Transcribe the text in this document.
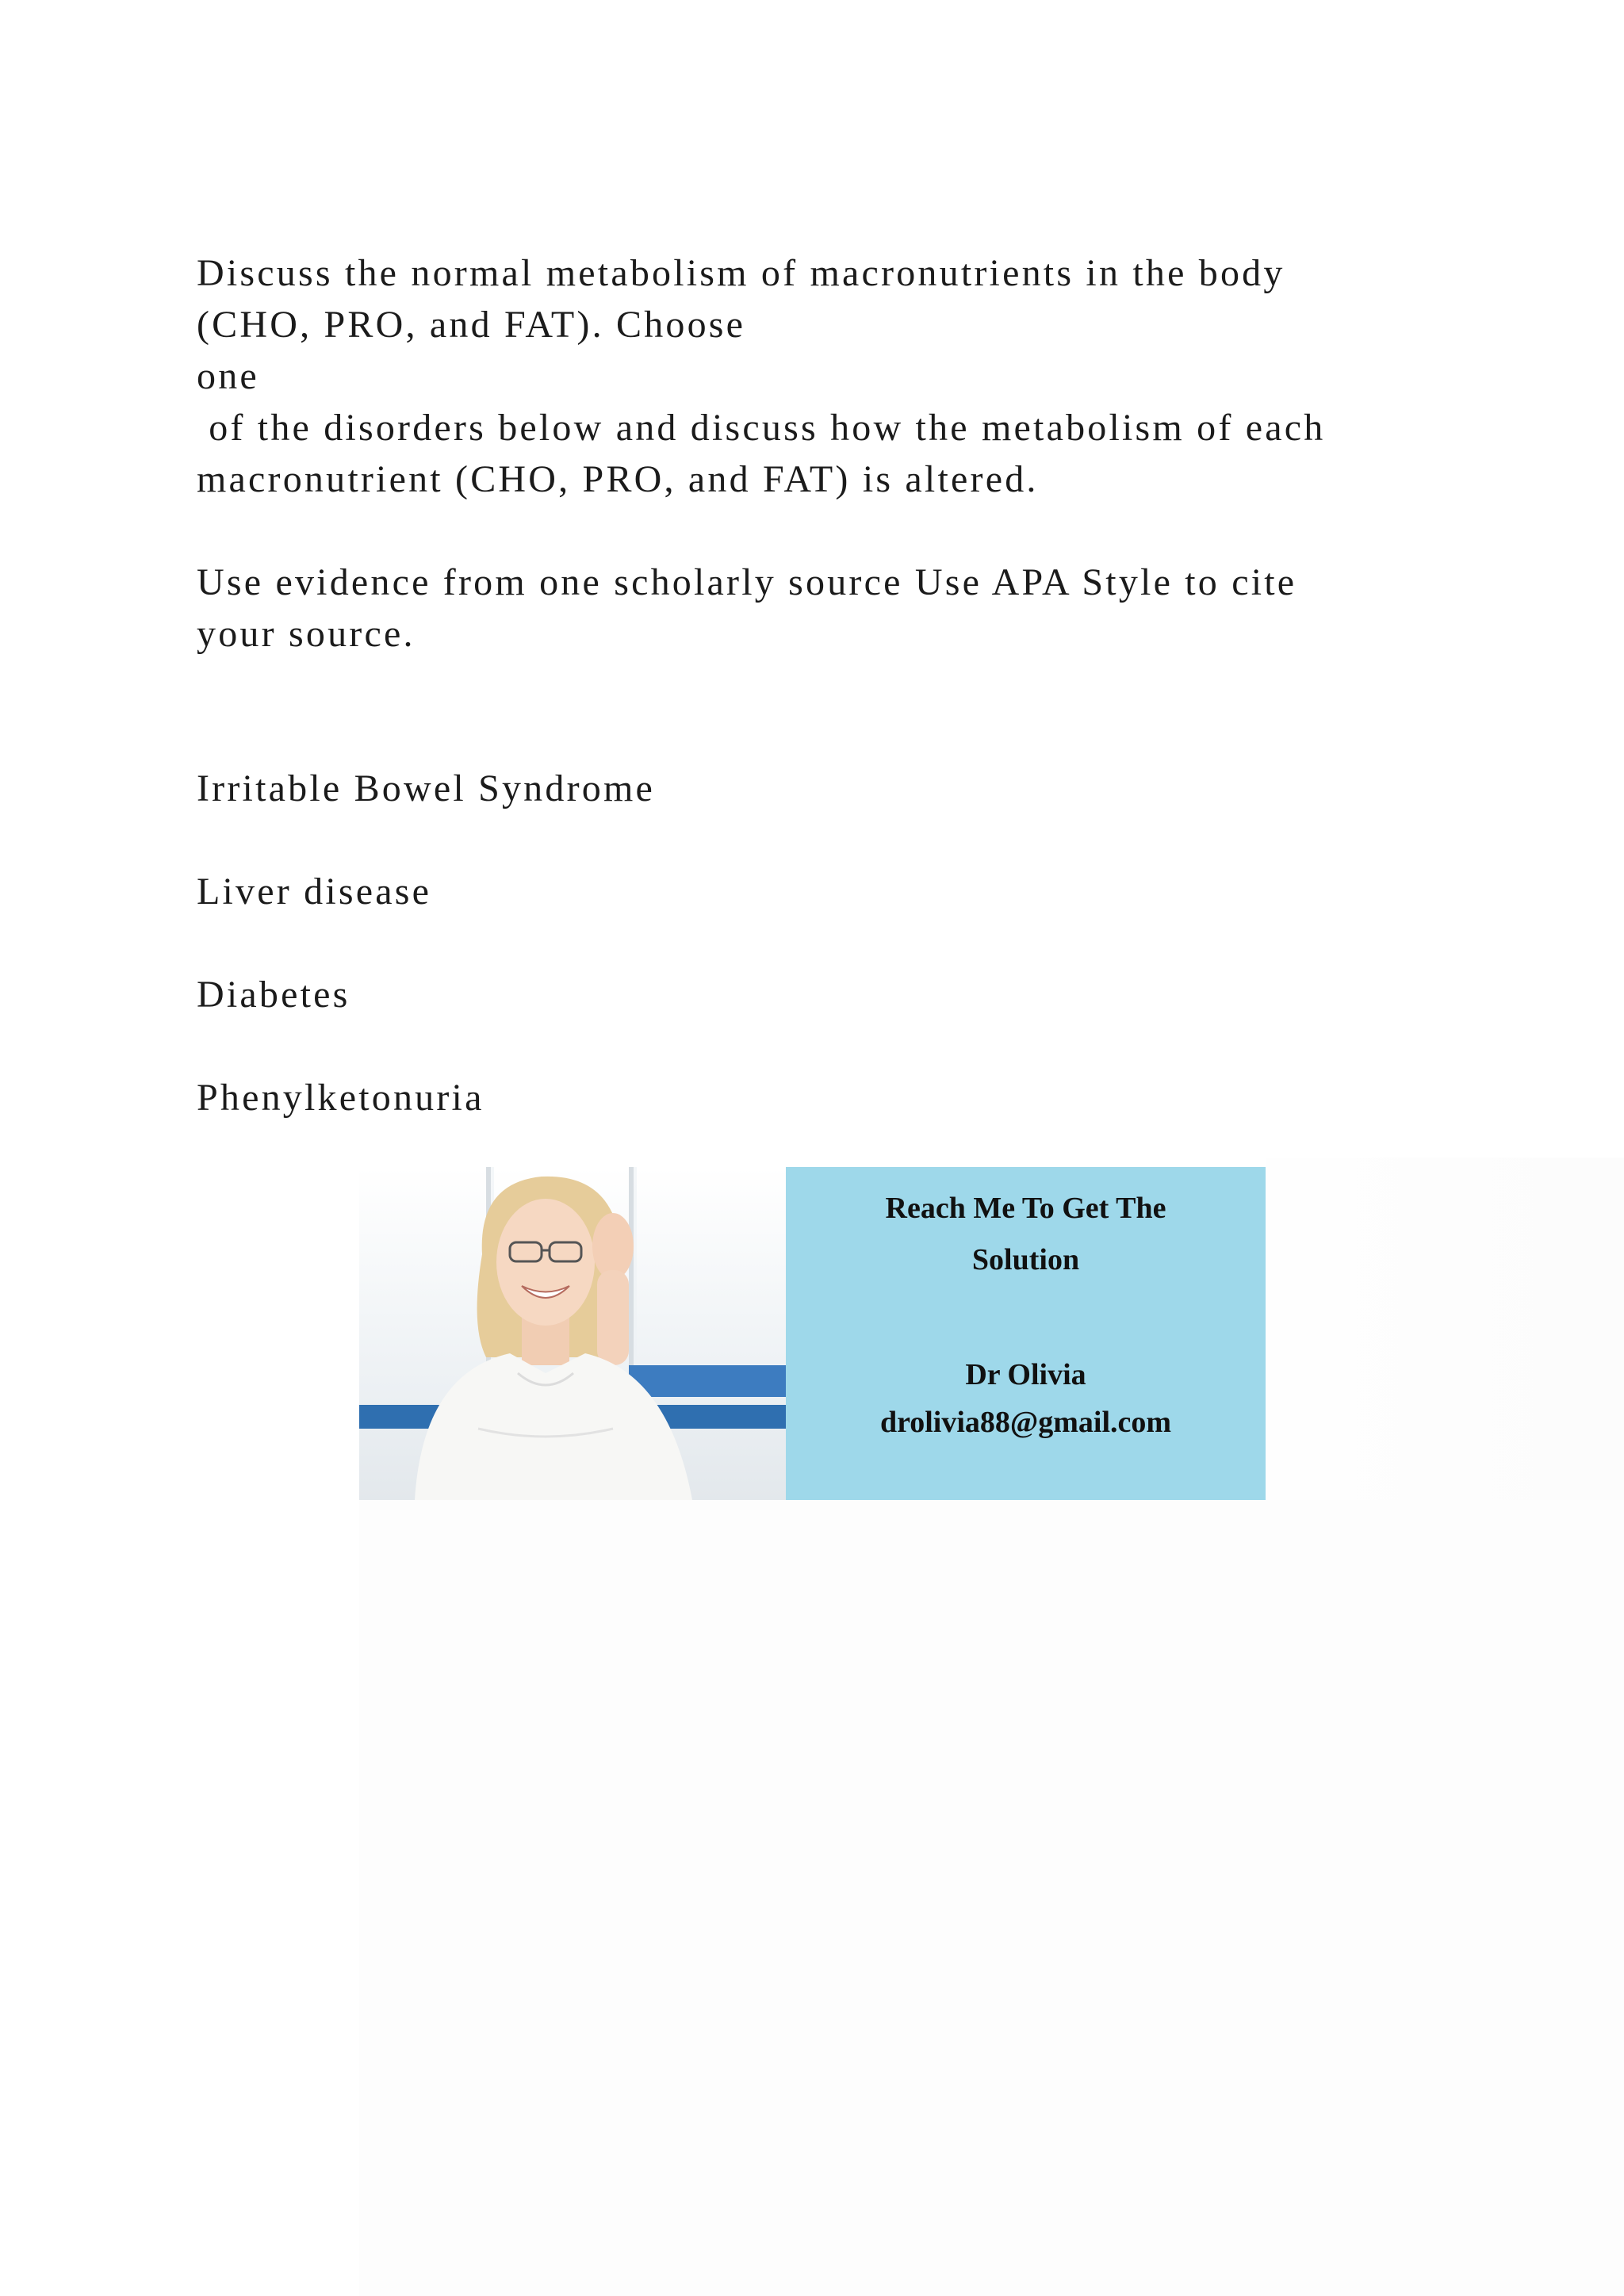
Discuss the normal metabolism of macronutrients in the body
(CHO, PRO, and FAT). Choose
one
of the disorders below and discuss how the metabolism of each
macronutrient (CHO, PRO, and FAT) is altered.
Use evidence from one scholarly source Use APA Style to cite
your source.
Irritable Bowel Syndrome
Liver disease
Diabetes
Phenylketonuria
Reach Me To Get The
Solution
Dr Olivia
drolivia88@gmail.com
